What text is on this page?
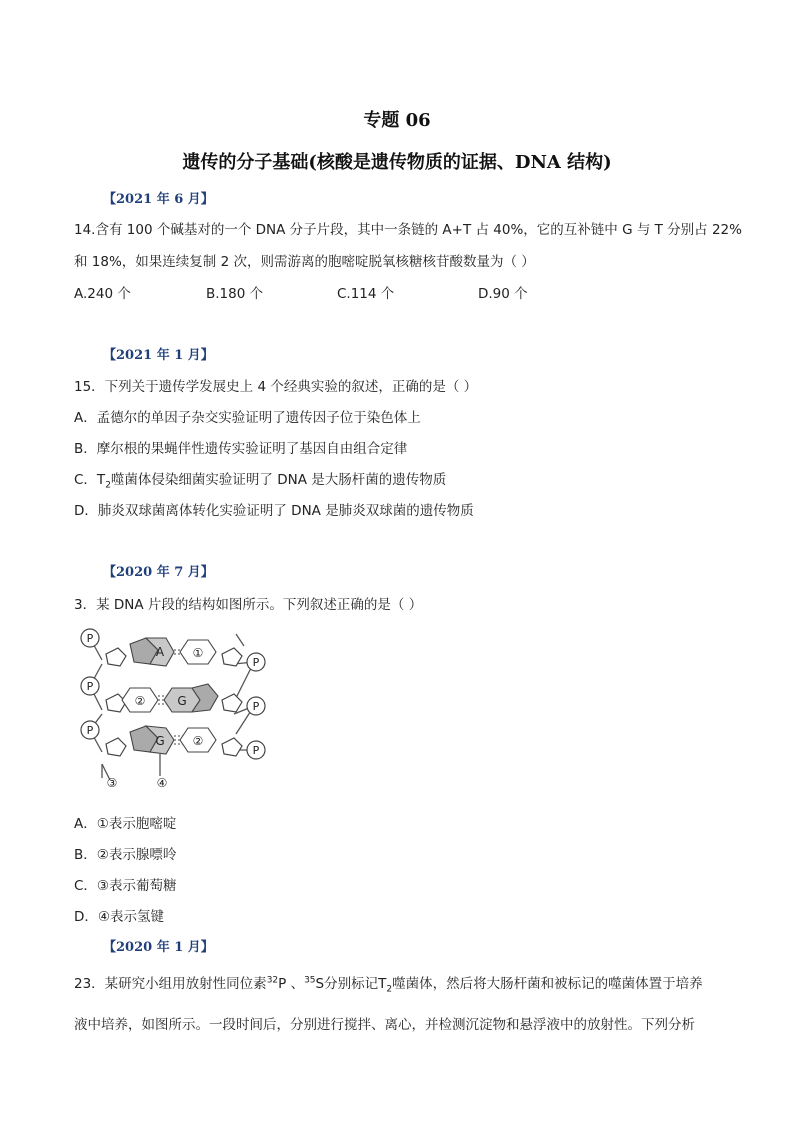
专题 06
遗传的分子基础(核酸是遗传物质的证据、DNA 结构)
【2021 年 6 月】
14.含有 100 个碱基对的一个 DNA 分子片段，其中一条链的 A+T 占 40%，它的互补链中 G 与 T 分别占 22%
和 18%，如果连续复制 2 次，则需游离的胞嘧啶脱氧核糖核苷酸数量为（ ）
A.240 个	B.180 个	C.114 个	D.90 个
【2021 年 1 月】
15．下列关于遗传学发展史上 4 个经典实验的叙述，正确的是（ ）
A．孟德尔的单因子杂交实验证明了遗传因子位于染色体上
B．摩尔根的果蝇伴性遗传实验证明了基因自由组合定律
C．$T_2$噬菌体侵染细菌实验证明了 DNA 是大肠杆菌的遗传物质
D．肺炎双球菌离体转化实验证明了 DNA 是肺炎双球菌的遗传物质
【2020 年 7 月】
3．某 DNA 片段的结构如图所示。下列叙述正确的是（ ）
P
P
P
P
P
P
A ①
②	G
G ②
③	④
A．①表示胞嘧啶
B．②表示腺嘌呤
C．③表示葡萄糖
D．④表示氢键
【2020 年 1 月】
23．某研究小组用放射性同位素$^{32}$P 、$^{35}$S分别标记$T_2$噬菌体，然后将大肠杆菌和被标记的噬菌体置于培养
液中培养，如图所示。一段时间后，分别进行搅拌、离心，并检测沉淀物和悬浮液中的放射性。下列分析
